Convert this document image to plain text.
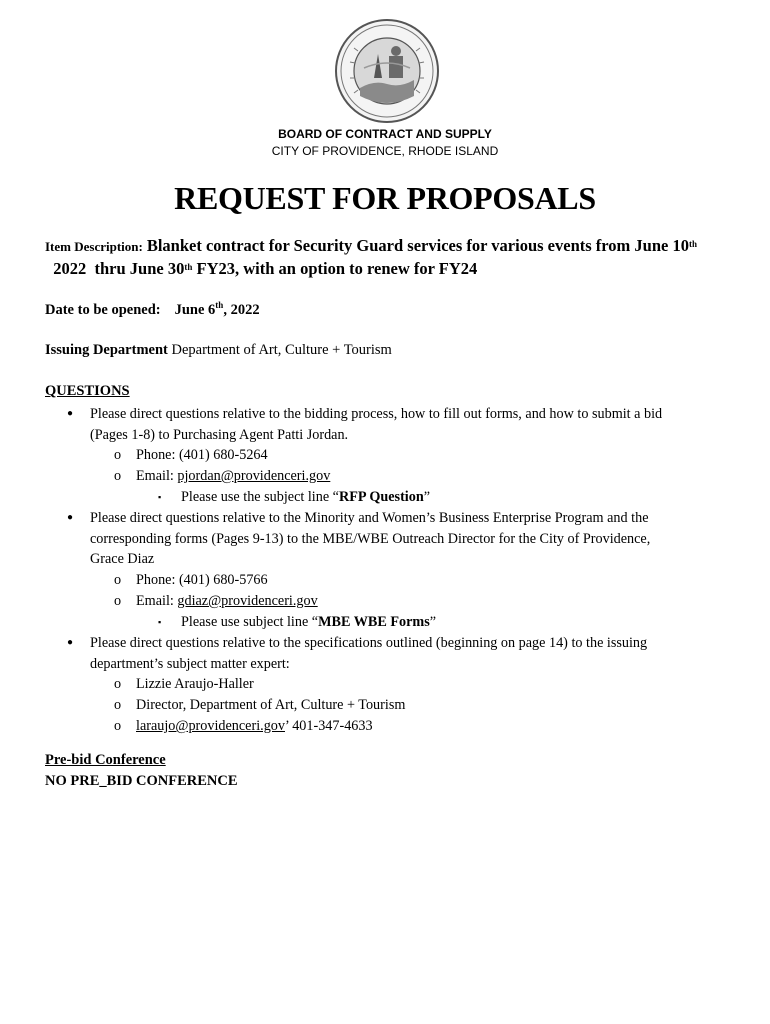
BOARD OF CONTRACT AND SUPPLY
CITY OF PROVIDENCE, RHODE ISLAND
REQUEST FOR PROPOSALS
Item Description: Blanket contract for Security Guard services for various events from June 10th  2022  thru June 30th FY23, with an option to renew for FY24
Date to be opened: June 6th, 2022
Issuing Department Department of Art, Culture + Tourism
QUESTIONS
● Please direct questions relative to the bidding process, how to fill out forms, and how to submit a bid
(Pages 1-8) to Purchasing Agent Patti Jordan.
o Phone: (401) 680-5264
o Email: pjordan@providenceri.gov
▪ Please use the subject line “RFP Question”
● Please direct questions relative to the Minority and Women’s Business Enterprise Program and the
corresponding forms (Pages 9-13) to the MBE/WBE Outreach Director for the City of Providence,
Grace Diaz
o Phone: (401) 680-5766
o Email: gdiaz@providenceri.gov
▪ Please use subject line “MBE WBE Forms”
● Please direct questions relative to the specifications outlined (beginning on page 14) to the issuing
department’s subject matter expert:
o Lizzie Araujo-Haller
o Director, Department of Art, Culture + Tourism
o laraujo@providenceri.gov’ 401-347-4633
Pre-bid Conference
NO PRE_BID CONFERENCE
